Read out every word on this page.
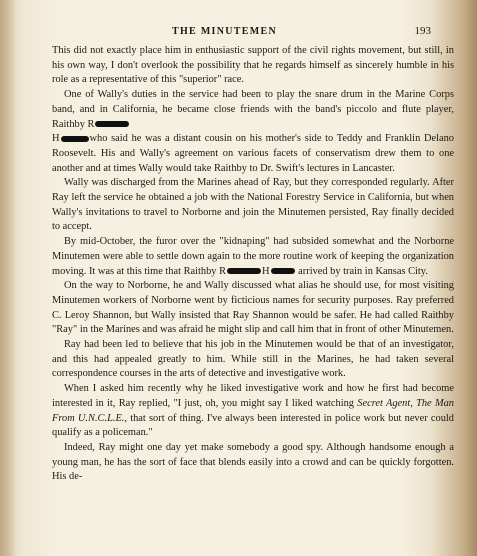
THE MINUTEMEN	193

This did not exactly place him in enthusiastic support of the civil rights movement, but still, in his own way, I don't overlook the possibility that he regards himself as sincerely humble in his role as a representative of this "superior" race.

One of Wally's duties in the service had been to play the snare drum in the Marine Corps band, and in California, he became close friends with the band's piccolo and flute player, Raithby R
H	who said he was a distant cousin on his mother's side to Teddy and Franklin Delano Roosevelt. His and Wally's agreement on various facets of conservatism drew them to one another and at times Wally would take Raithby to Dr. Swift's lectures in Lancaster.

Wally was discharged from the Marines ahead of Ray, but they corresponded regularly. After Ray left the service he obtained a job with the National Forestry Service in California, but when Wally's invitations to travel to Norborne and join the Minutemen persisted, Ray finally decided to accept.

By mid-October, the furor over the "kidnaping" had subsided somewhat and the Norborne Minutemen were able to settle down again to the more routine work of keeping the organization moving. It was at this time that Raithby R	H	arrived by train in Kansas City.

On the way to Norborne, he and Wally discussed what alias he should use, for most visiting Minutemen workers of Norborne went by ficticious names for security purposes. Ray preferred C. Leroy Shannon, but Wally insisted that Ray Shannon would be safer. He had called Raithby "Ray" in the Marines and was afraid he might slip and call him that in front of other Minutemen.

Ray had been led to believe that his job in the Minutemen would be that of an investigator, and this had appealed greatly to him. While still in the Marines, he had taken several correspondence courses in the arts of detective and investigative work.

When I asked him recently why he liked investigative work and how he first had become interested in it, Ray replied, "I just, oh, you might say I liked watching Secret Agent, The Man From U.N.C.L.E., that sort of thing. I've always been interested in police work but never could qualify as a policeman."

Indeed, Ray might one day yet make somebody a good spy. Although handsome enough a young man, he has the sort of face that blends easily into a crowd and can be quickly forgotten. His de-
